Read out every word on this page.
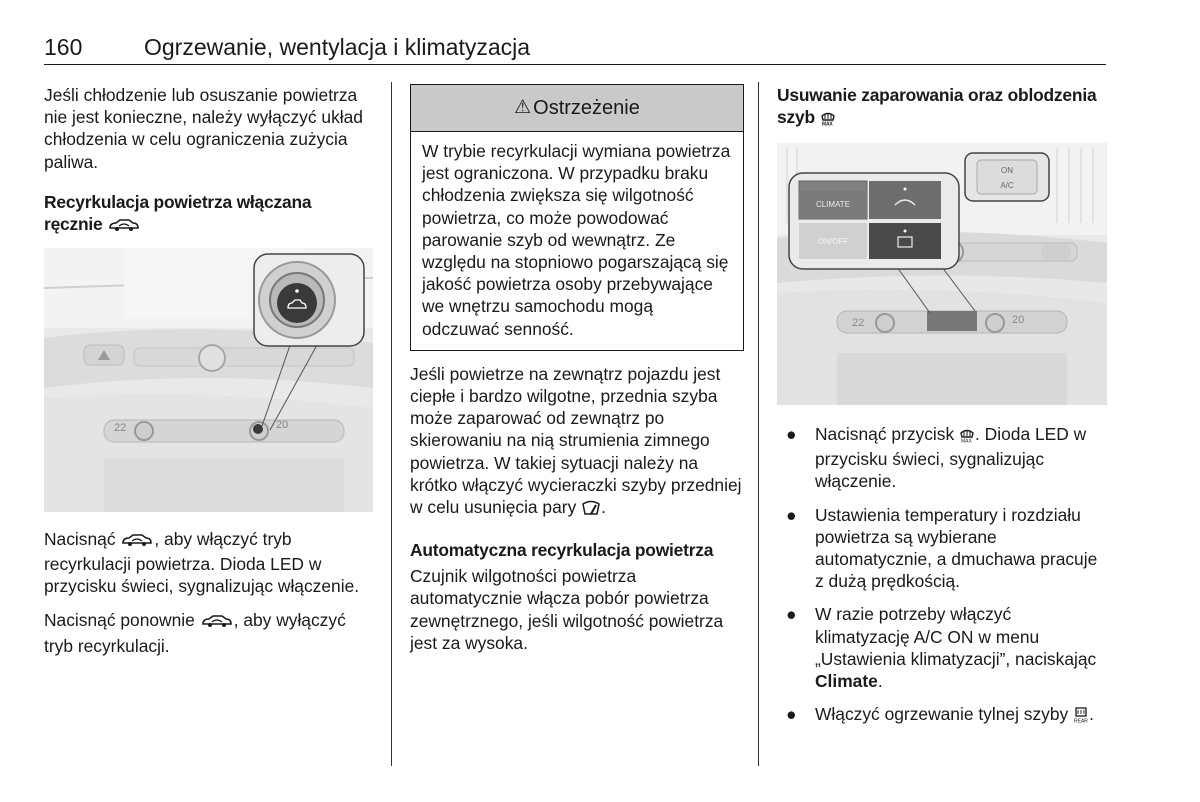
160	Ogrzewanie, wentylacja i klimatyzacja

Jeśli chłodzenie lub osuszanie powietrza nie jest konieczne, należy wyłączyć układ chłodzenia w celu ograniczenia zużycia paliwa.

Recyrkulacja powietrza włączana ręcznie
22	20

Nacisnąć , aby włączyć tryb recyrkulacji powietrza. Dioda LED w przycisku świeci, sygnalizując włączenie.

Nacisnąć ponownie , aby wyłączyć tryb recyrkulacji.

⚠ Ostrzeżenie
W trybie recyrkulacji wymiana powietrza jest ograniczona. W przypadku braku chłodzenia zwiększa się wilgotność powietrza, co może powodować parowanie szyb od wewnątrz. Ze względu na stopniowo pogarszającą się jakość powietrza osoby przebywające we wnętrzu samochodu mogą odczuwać senność.

Jeśli powietrze na zewnątrz pojazdu jest ciepłe i bardzo wilgotne, przednia szyba może zaparować od zewnątrz po skierowaniu na nią strumienia zimnego powietrza. W takiej sytuacji należy na krótko włączyć wycieraczki szyby przedniej w celu usunięcia pary .

Automatyczna recyrkulacja powietrza

Czujnik wilgotności powietrza automatycznie włącza pobór powietrza zewnętrznego, jeśli wilgotność powietrza jest za wysoka.

Usuwanie zaparowania oraz oblodzenia szyb MAX
ON
A/C
22	20
CLIMATE
ON/OFF
● Nacisnąć przycisk MAX . Dioda LED w przycisku świeci, sygnalizując włączenie.
● Ustawienia temperatury i rozdziału powietrza są wybierane automatycznie, a dmuchawa pracuje z dużą prędkością.
● W razie potrzeby włączyć klimatyzację A/C ON w menu „Ustawienia klimatyzacji”, naciskając Climate.
● Włączyć ogrzewanie tylnej szyby REAR .
